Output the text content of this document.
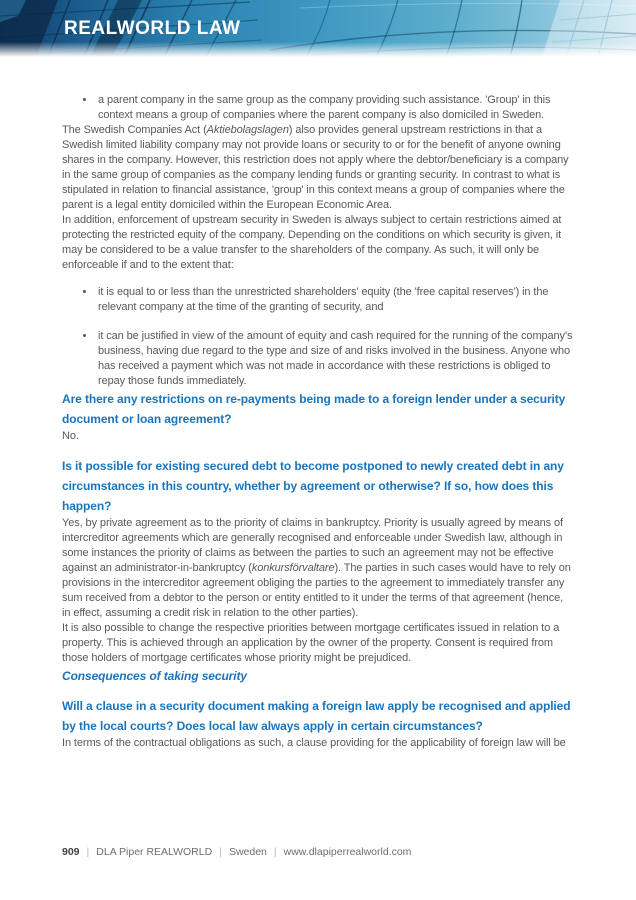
REALWORLD LAW
• a parent company in the same group as the company providing such assistance. 'Group' in this context means a group of companies where the parent company is also domiciled in Sweden.

The Swedish Companies Act (Aktiebolagslagen) also provides general upstream restrictions in that a Swedish limited liability company may not provide loans or security to or for the benefit of anyone owning shares in the company. However, this restriction does not apply where the debtor/beneficiary is a company in the same group of companies as the company lending funds or granting security. In contrast to what is stipulated in relation to financial assistance, 'group' in this context means a group of companies where the parent is a legal entity domiciled within the European Economic Area.

In addition, enforcement of upstream security in Sweden is always subject to certain restrictions aimed at protecting the restricted equity of the company. Depending on the conditions on which security is given, it may be considered to be a value transfer to the shareholders of the company. As such, it will only be enforceable if and to the extent that:

• it is equal to or less than the unrestricted shareholders' equity (the 'free capital reserves') in the relevant company at the time of the granting of security, and
• it can be justified in view of the amount of equity and cash required for the running of the company's business, having due regard to the type and size of and risks involved in the business. Anyone who has received a payment which was not made in accordance with these restrictions is obliged to repay those funds immediately.

Are there any restrictions on re-payments being made to a foreign lender under a security document or loan agreement?

No.

Is it possible for existing secured debt to become postponed to newly created debt in any circumstances in this country, whether by agreement or otherwise? If so, how does this happen?

Yes, by private agreement as to the priority of claims in bankruptcy. Priority is usually agreed by means of intercreditor agreements which are generally recognised and enforceable under Swedish law, although in some instances the priority of claims as between the parties to such an agreement may not be effective against an administrator-in-bankruptcy (konkursförvaltare). The parties in such cases would have to rely on provisions in the intercreditor agreement obliging the parties to the agreement to immediately transfer any sum received from a debtor to the person or entity entitled to it under the terms of that agreement (hence, in effect, assuming a credit risk in relation to the other parties).

It is also possible to change the respective priorities between mortgage certificates issued in relation to a property. This is achieved through an application by the owner of the property. Consent is required from those holders of mortgage certificates whose priority might be prejudiced.

Consequences of taking security

Will a clause in a security document making a foreign law apply be recognised and applied by the local courts? Does local law always apply in certain circumstances?

In terms of the contractual obligations as such, a clause providing for the applicability of foreign law will be

909 | DLA Piper REALWORLD | Sweden | www.dlapiperrealworld.com
